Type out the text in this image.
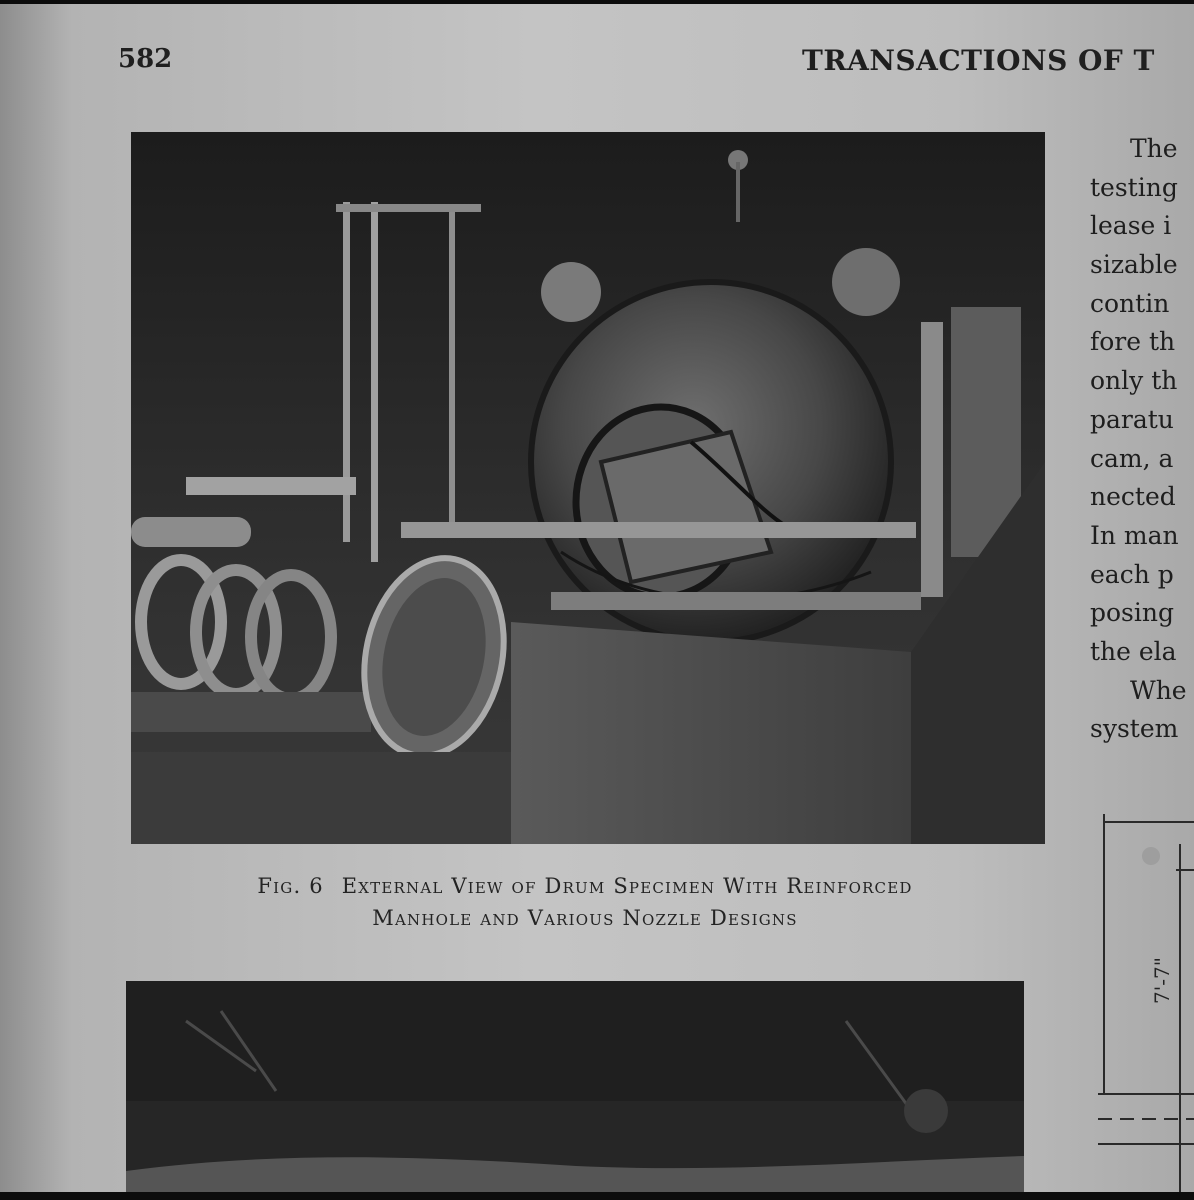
582	TRANSACTIONS OF T
Fig. 6 External View of Drum Specimen With Reinforced
Manhole and Various Nozzle Designs
The
testing
lease i
sizable
contin
fore th
only th
paratu
cam, a
nected
In man
each p
posing
the ela
Whe
system
7'-7"
